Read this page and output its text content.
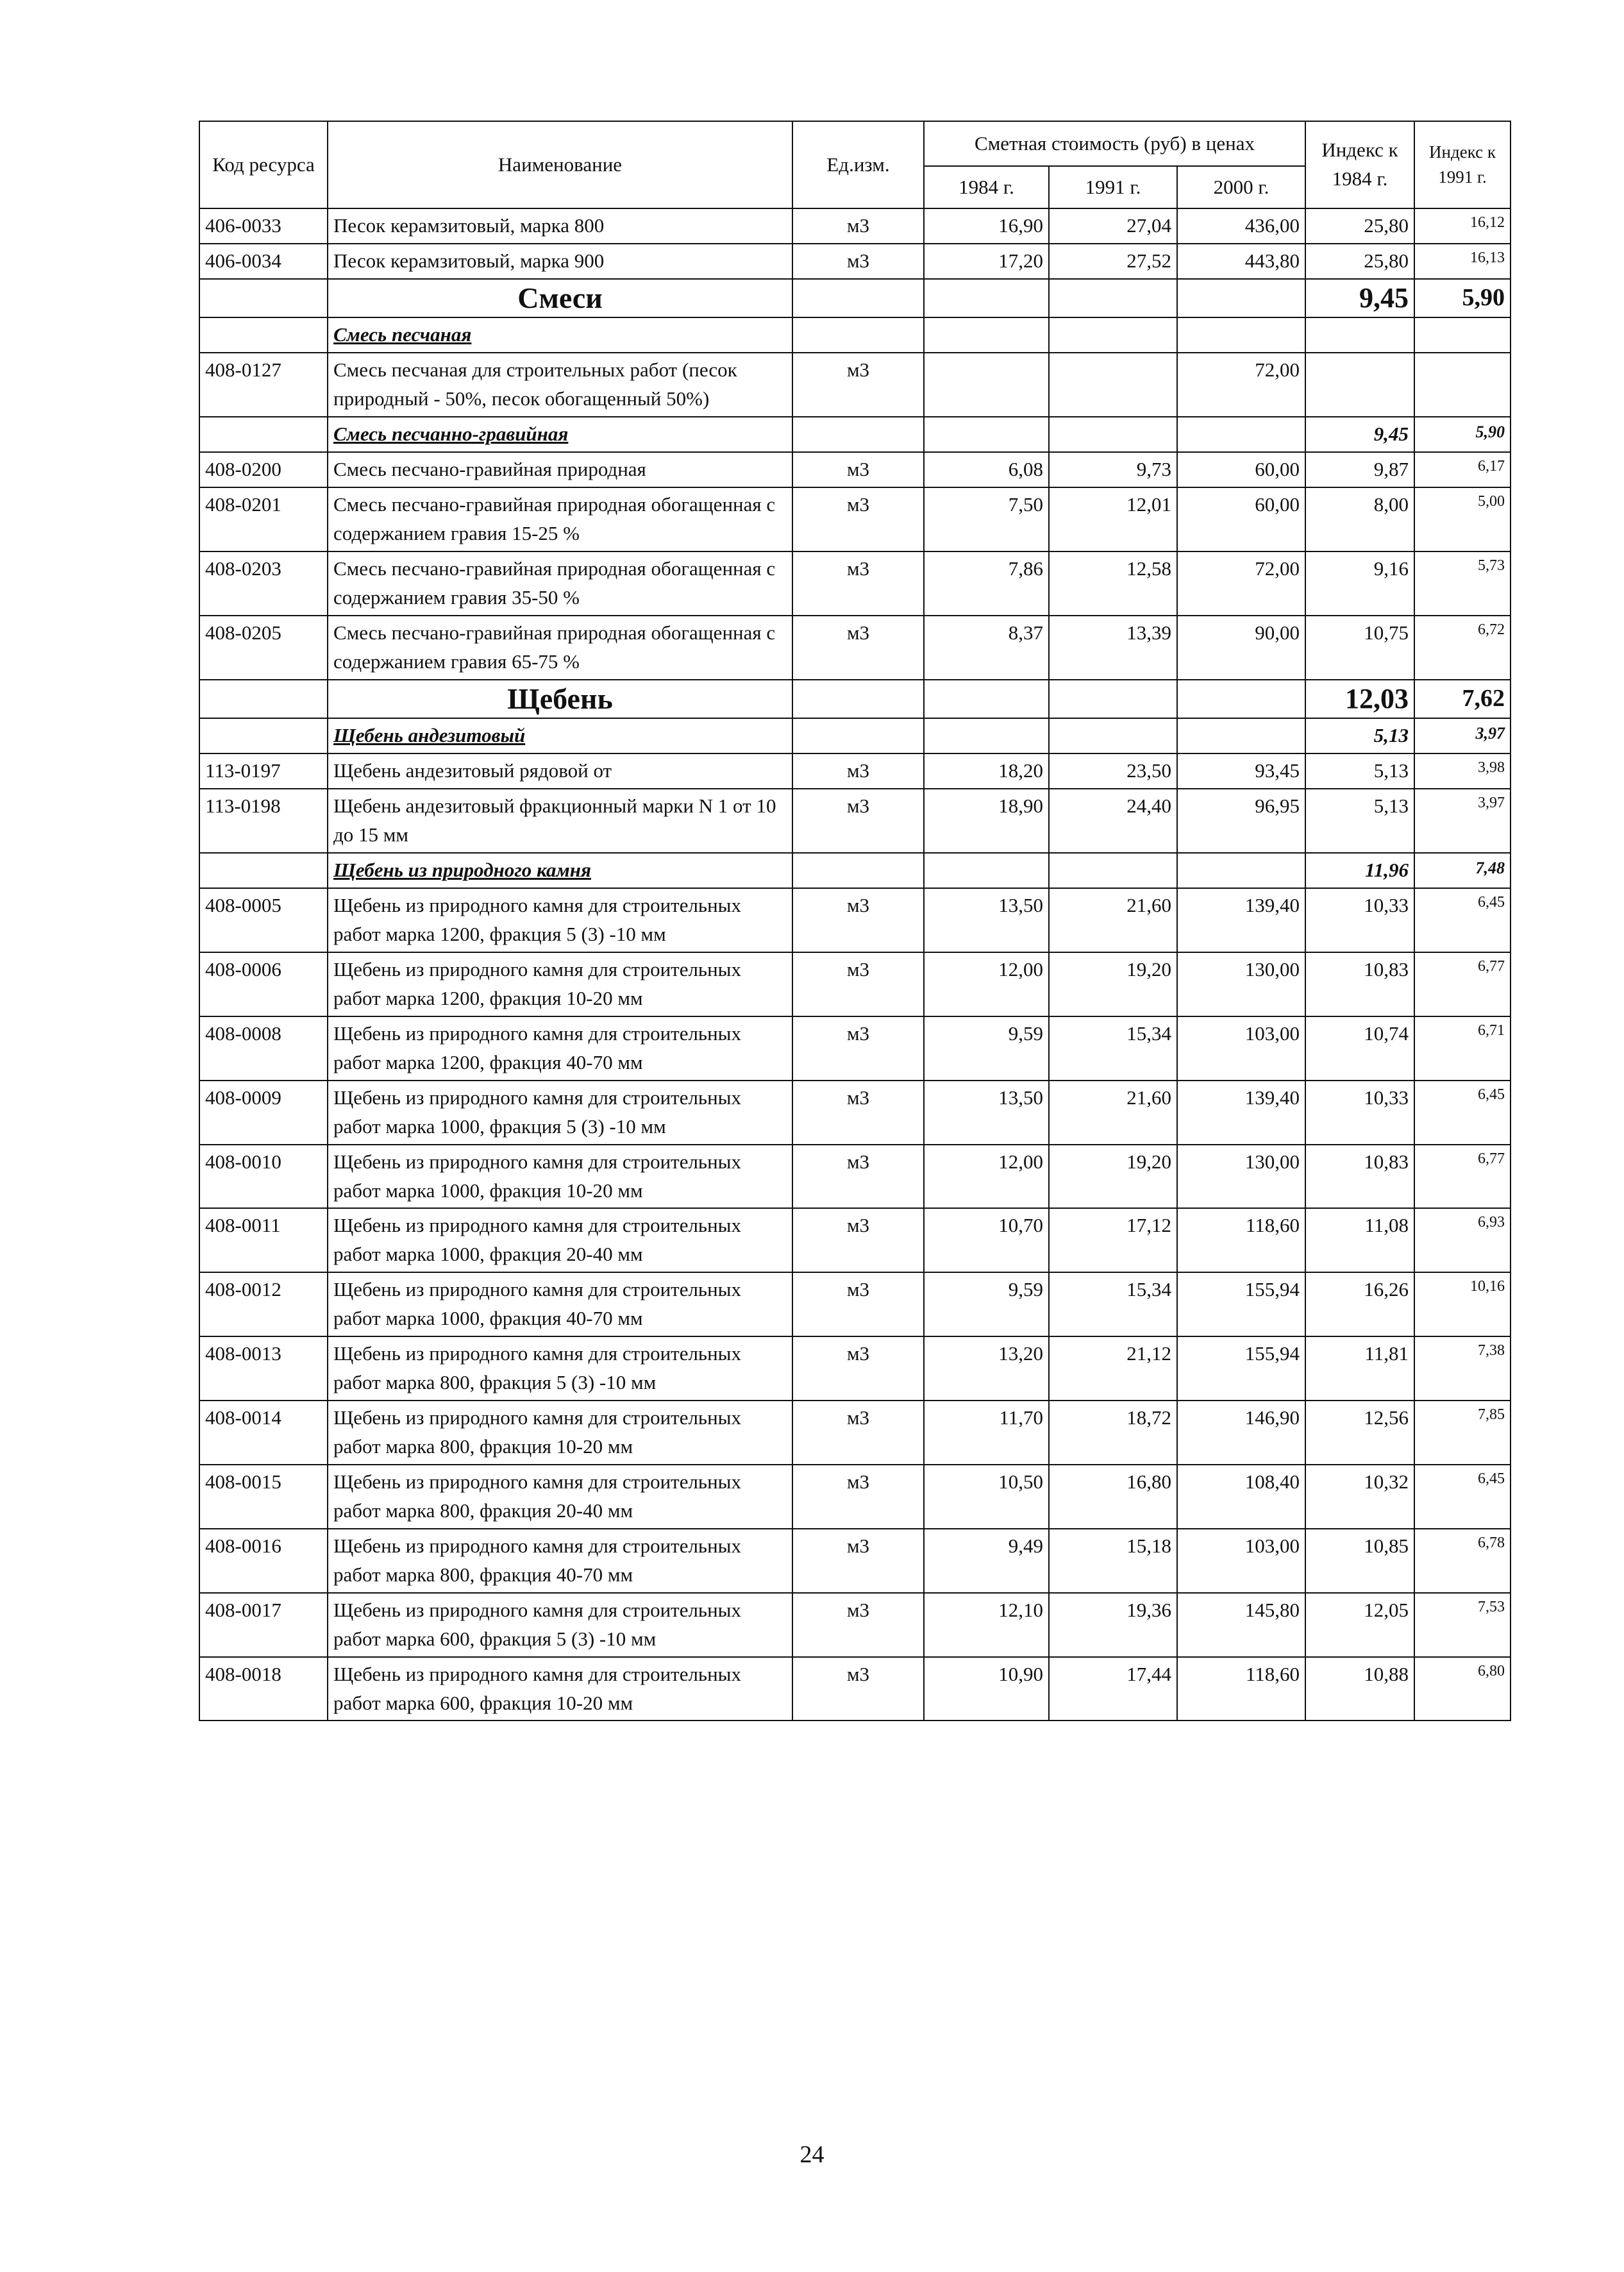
Код ресурса	Наименование	Ед.изм.	Сметная стоимость (руб) в ценах			Индекс к 1984 г.	Индекс к 1991 г.
			1984 г.	1991 г.	2000 г.		
406-0033	Песок керамзитовый, марка 800	м3	16,90	27,04	436,00	25,80	16,12
406-0034	Песок керамзитовый, марка 900	м3	17,20	27,52	443,80	25,80	16,13
	Смеси					9,45	5,90
	Смесь песчаная						
408-0127	Смесь песчаная для строительных работ (песок природный - 50%, песок обогащенный 50%)	м3			72,00		
	Смесь песчанно-гравийная					9,45	5,90
408-0200	Смесь песчано-гравийная природная	м3	6,08	9,73	60,00	9,87	6,17
408-0201	Смесь песчано-гравийная природная обогащенная с содержанием гравия 15-25 %	м3	7,50	12,01	60,00	8,00	5,00
408-0203	Смесь песчано-гравийная природная обогащенная с содержанием гравия 35-50 %	м3	7,86	12,58	72,00	9,16	5,73
408-0205	Смесь песчано-гравийная природная обогащенная с содержанием гравия 65-75 %	м3	8,37	13,39	90,00	10,75	6,72
	Щебень					12,03	7,62
	Щебень андезитовый					5,13	3,97
113-0197	Щебень андезитовый рядовой от	м3	18,20	23,50	93,45	5,13	3,98
113-0198	Щебень андезитовый фракционный марки N 1 от 10 до 15 мм	м3	18,90	24,40	96,95	5,13	3,97
	Щебень из природного камня					11,96	7,48
408-0005	Щебень из природного камня для строительных работ марка 1200, фракция 5 (3) -10 мм	м3	13,50	21,60	139,40	10,33	6,45
408-0006	Щебень из природного камня для строительных работ марка 1200, фракция 10-20 мм	м3	12,00	19,20	130,00	10,83	6,77
408-0008	Щебень из природного камня для строительных работ марка 1200, фракция 40-70 мм	м3	9,59	15,34	103,00	10,74	6,71
408-0009	Щебень из природного камня для строительных работ марка 1000, фракция 5 (3) -10 мм	м3	13,50	21,60	139,40	10,33	6,45
408-0010	Щебень из природного камня для строительных работ марка 1000, фракция 10-20 мм	м3	12,00	19,20	130,00	10,83	6,77
408-0011	Щебень из природного камня для строительных работ марка 1000, фракция 20-40 мм	м3	10,70	17,12	118,60	11,08	6,93
408-0012	Щебень из природного камня для строительных работ марка 1000, фракция 40-70 мм	м3	9,59	15,34	155,94	16,26	10,16
408-0013	Щебень из природного камня для строительных работ марка 800, фракция 5 (3) -10 мм	м3	13,20	21,12	155,94	11,81	7,38
408-0014	Щебень из природного камня для строительных работ марка 800, фракция 10-20 мм	м3	11,70	18,72	146,90	12,56	7,85
408-0015	Щебень из природного камня для строительных работ марка 800, фракция 20-40 мм	м3	10,50	16,80	108,40	10,32	6,45
408-0016	Щебень из природного камня для строительных работ марка 800, фракция 40-70 мм	м3	9,49	15,18	103,00	10,85	6,78
408-0017	Щебень из природного камня для строительных работ марка 600, фракция 5 (3) -10 мм	м3	12,10	19,36	145,80	12,05	7,53
408-0018	Щебень из природного камня для строительных работ марка 600, фракция 10-20 мм	м3	10,90	17,44	118,60	10,88	6,80
24
